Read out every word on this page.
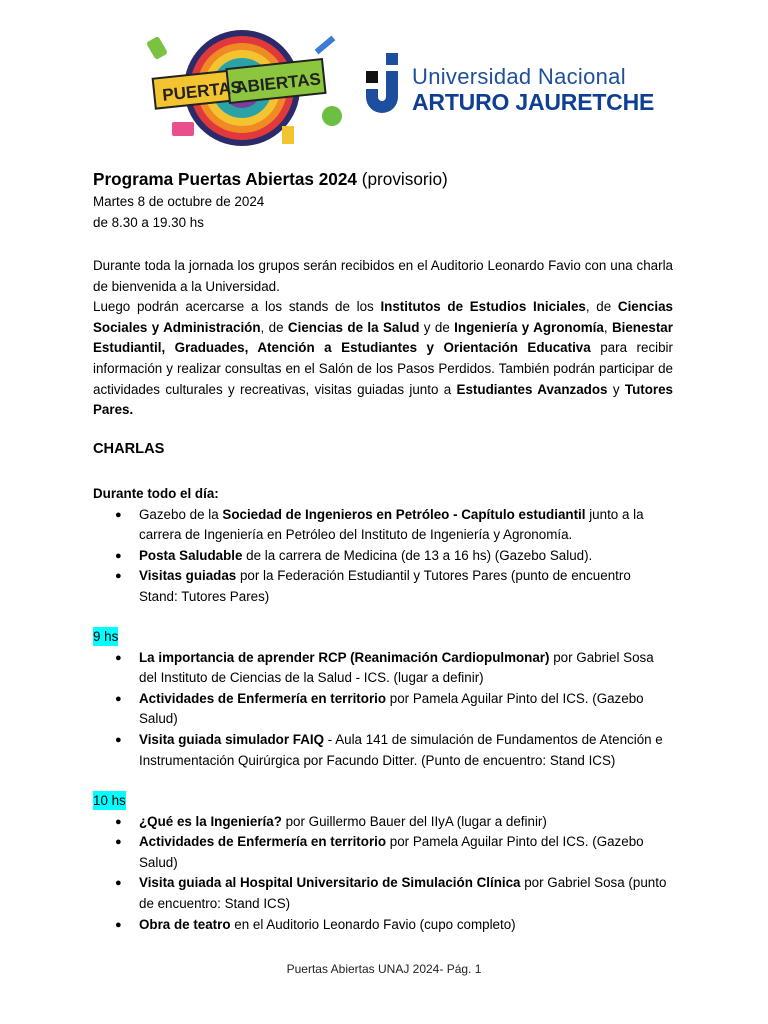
PUERTAS
ABIERTAS	Universidad Nacional
ARTURO JAURETCHE
Programa Puertas Abiertas 2024 (provisorio)
Martes 8 de octubre de 2024
de 8.30 a 19.30 hs

Durante toda la jornada los grupos serán recibidos en el Auditorio Leonardo Favio con una charla de bienvenida a la Universidad.

Luego podrán acercarse a los stands de los Institutos de Estudios Iniciales, de Ciencias Sociales y Administración, de Ciencias de la Salud y de Ingeniería y Agronomía, Bienestar Estudiantil, Graduades, Atención a Estudiantes y Orientación Educativa para recibir información y realizar consultas en el Salón de los Pasos Perdidos. También podrán participar de actividades culturales y recreativas, visitas guiadas junto a Estudiantes Avanzados y Tutores Pares.

CHARLAS
Durante todo el día:
● Gazebo de la Sociedad de Ingenieros en Petróleo - Capítulo estudiantil junto a la carrera de Ingeniería en Petróleo del Instituto de Ingeniería y Agronomía.
● Posta Saludable de la carrera de Medicina (de 13 a 16 hs) (Gazebo Salud).
● Visitas guiadas por la Federación Estudiantil y Tutores Pares (punto de encuentro Stand: Tutores Pares)
9 hs
● La importancia de aprender RCP (Reanimación Cardiopulmonar) por Gabriel Sosa del Instituto de Ciencias de la Salud - ICS. (lugar a definir)
● Actividades de Enfermería en territorio por Pamela Aguilar Pinto del ICS. (Gazebo Salud)
● Visita guiada simulador FAIQ - Aula 141 de simulación de Fundamentos de Atención e Instrumentación Quirúrgica por Facundo Ditter. (Punto de encuentro: Stand ICS)
10 hs
● ¿Qué es la Ingeniería? por Guillermo Bauer del IIyA (lugar a definir)
● Actividades de Enfermería en territorio por Pamela Aguilar Pinto del ICS. (Gazebo Salud)
● Visita guiada al Hospital Universitario de Simulación Clínica por Gabriel Sosa (punto de encuentro: Stand ICS)
● Obra de teatro en el Auditorio Leonardo Favio (cupo completo)
Puertas Abiertas UNAJ 2024- Pág. 1
